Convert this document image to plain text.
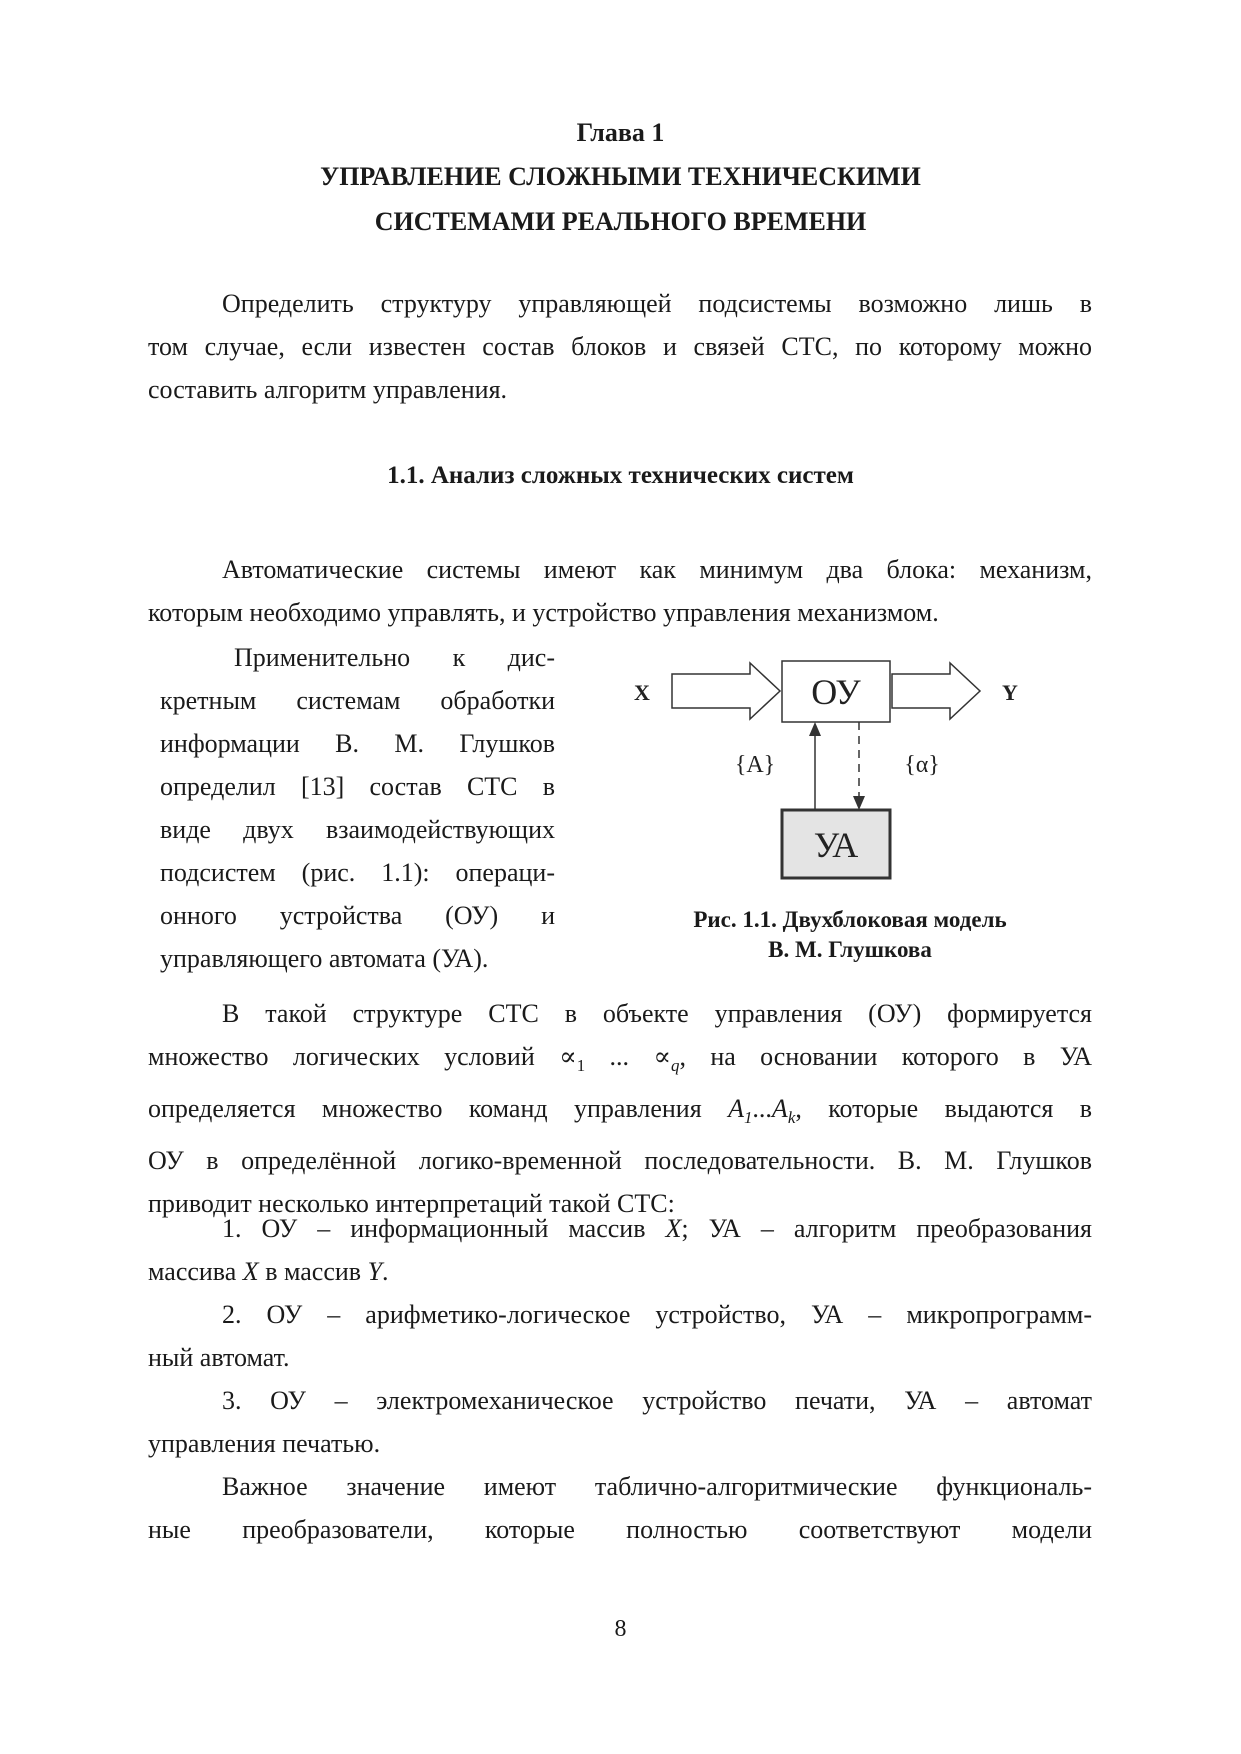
Глава 1
УПРАВЛЕНИЕ СЛОЖНЫМИ ТЕХНИЧЕСКИМИ
СИСТЕМАМИ РЕАЛЬНОГО ВРЕМЕНИ
Определить структуру управляющей подсистемы возможно лишь в
том случае, если известен состав блоков и связей СТС, по которому можно
составить алгоритм управления.
1.1. Анализ сложных технических систем
Автоматические системы имеют как минимум два блока: механизм,
которым необходимо управлять, и устройство управления механизмом.
Применительно к дис-
кретным системам обработки
информации В. М. Глушков
определил [13] состав СТС в
виде двух взаимодействующих
подсистем (рис. 1.1): операци-
онного устройства (ОУ) и
управляющего автомата (УА).
X	ОУ	Y
УА
{A}	{α}
Рис. 1.1. Двухблоковая модель
В. М. Глушкова
В такой структуре СТС в объекте управления (ОУ) формируется
множество логических условий $\propto_1$ ... $\propto_q$, на основании которого в УА
определяется множество команд управления $A_1...A_k$, которые выдаются в
ОУ в определённой логико-временной последовательности. В. М. Глушков
приводит несколько интерпретаций такой СТС:
1. ОУ – информационный массив X; УА – алгоритм преобразования
массива X в массив Y.
2. ОУ – арифметико-логическое устройство, УА – микропрограмм-
ный автомат.
3. ОУ – электромеханическое устройство печати, УА – автомат
управления печатью.
Важное значение имеют таблично-алгоритмические функциональ-
ные преобразователи, которые полностью соответствуют модели
8
